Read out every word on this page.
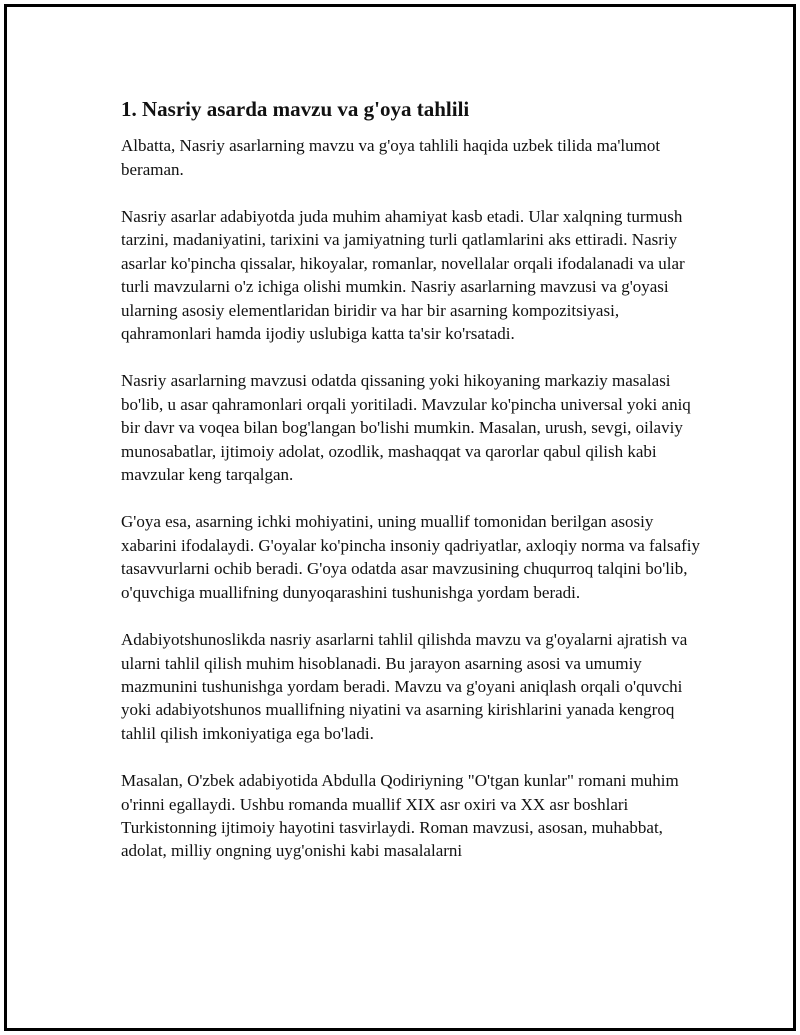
1. Nasriy asarda mavzu va g'oya tahlili

Albatta, Nasriy asarlarning mavzu va g'oya tahlili haqida uzbek tilida ma'lumot beraman.

Nasriy asarlar adabiyotda juda muhim ahamiyat kasb etadi. Ular xalqning turmush tarzini, madaniyatini, tarixini va jamiyatning turli qatlamlarini aks ettiradi. Nasriy asarlar ko'pincha qissalar, hikoyalar, romanlar, novellalar orqali ifodalanadi va ular turli mavzularni o'z ichiga olishi mumkin. Nasriy asarlarning mavzusi va g'oyasi ularning asosiy elementlaridan biridir va har bir asarning kompozitsiyasi, qahramonlari hamda ijodiy uslubiga katta ta'sir ko'rsatadi.

Nasriy asarlarning mavzusi odatda qissaning yoki hikoyaning markaziy masalasi bo'lib, u asar qahramonlari orqali yoritiladi. Mavzular ko'pincha universal yoki aniq bir davr va voqea bilan bog'langan bo'lishi mumkin. Masalan, urush, sevgi, oilaviy munosabatlar, ijtimoiy adolat, ozodlik, mashaqqat va qarorlar qabul qilish kabi mavzular keng tarqalgan.

G'oya esa, asarning ichki mohiyatini, uning muallif tomonidan berilgan asosiy xabarini ifodalaydi. G'oyalar ko'pincha insoniy qadriyatlar, axloqiy norma va falsafiy tasavvurlarni ochib beradi. G'oya odatda asar mavzusining chuqurroq talqini bo'lib, o'quvchiga muallifning dunyoqarashini tushunishga yordam beradi.

Adabiyotshunoslikda nasriy asarlarni tahlil qilishda mavzu va g'oyalarni ajratish va ularni tahlil qilish muhim hisoblanadi. Bu jarayon asarning asosi va umumiy mazmunini tushunishga yordam beradi. Mavzu va g'oyani aniqlash orqali o'quvchi yoki adabiyotshunos muallifning niyatini va asarning kirishlarini yanada kengroq tahlil qilish imkoniyatiga ega bo'ladi.

Masalan, O'zbek adabiyotida Abdulla Qodiriyning "O'tgan kunlar" romani muhim o'rinni egallaydi. Ushbu romanda muallif XIX asr oxiri va XX asr boshlari Turkistonning ijtimoiy hayotini tasvirlaydi. Roman mavzusi, asosan, muhabbat, adolat, milliy ongning uyg'onishi kabi masalalarni
